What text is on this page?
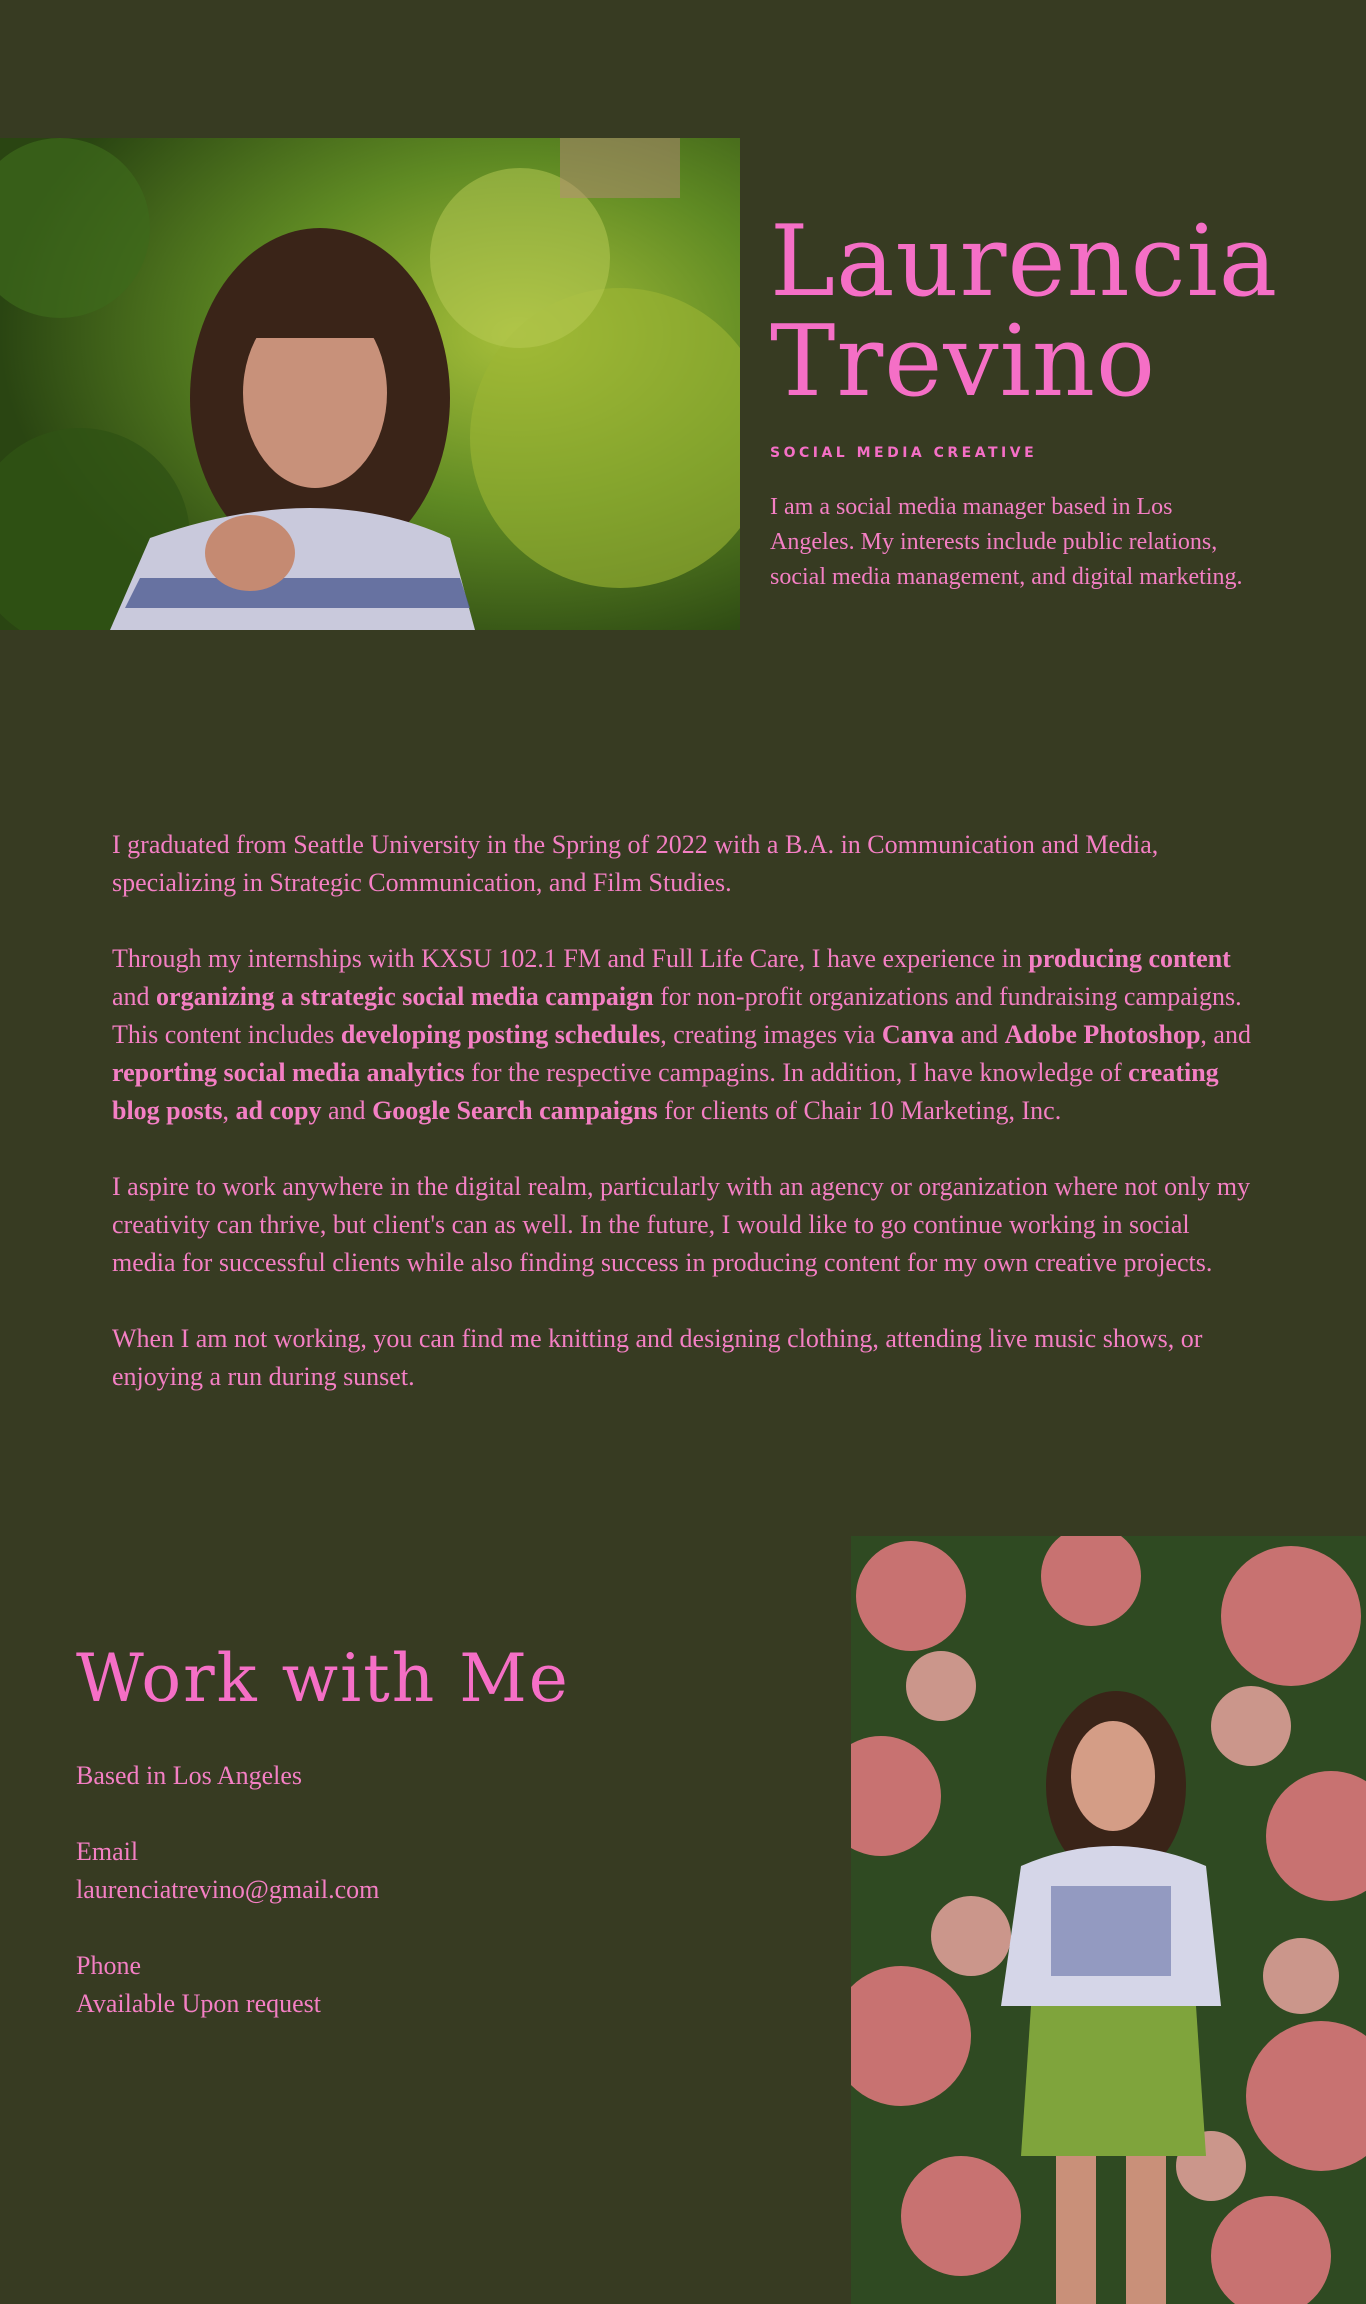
Laurencia
Trevino
SOCIAL MEDIA CREATIVE
I am a social media manager based in Los Angeles. My interests include public relations, social media management, and digital marketing.

I graduated from Seattle University in the Spring of 2022 with a B.A. in Communication and Media, specializing in Strategic Communication, and Film Studies.

Through my internships with KXSU 102.1 FM and Full Life Care, I have experience in producing content and organizing a strategic social media campaign for non-profit organizations and fundraising campaigns. This content includes developing posting schedules, creating images via Canva and Adobe Photoshop, and reporting social media analytics for the respective campagins. In addition, I have knowledge of creating blog posts, ad copy and Google Search campaigns for clients of Chair 10 Marketing, Inc.

I aspire to work anywhere in the digital realm, particularly with an agency or organization where not only my creativity can thrive, but client's can as well. In the future, I would like to go continue working in social media for successful clients while also finding success in producing content for my own creative projects.

When I am not working, you can find me knitting and designing clothing, attending live music shows, or enjoying a run during sunset.

Work with Me
Based in Los Angeles
Email
laurenciatrevino@gmail.com
Phone
Available Upon request
